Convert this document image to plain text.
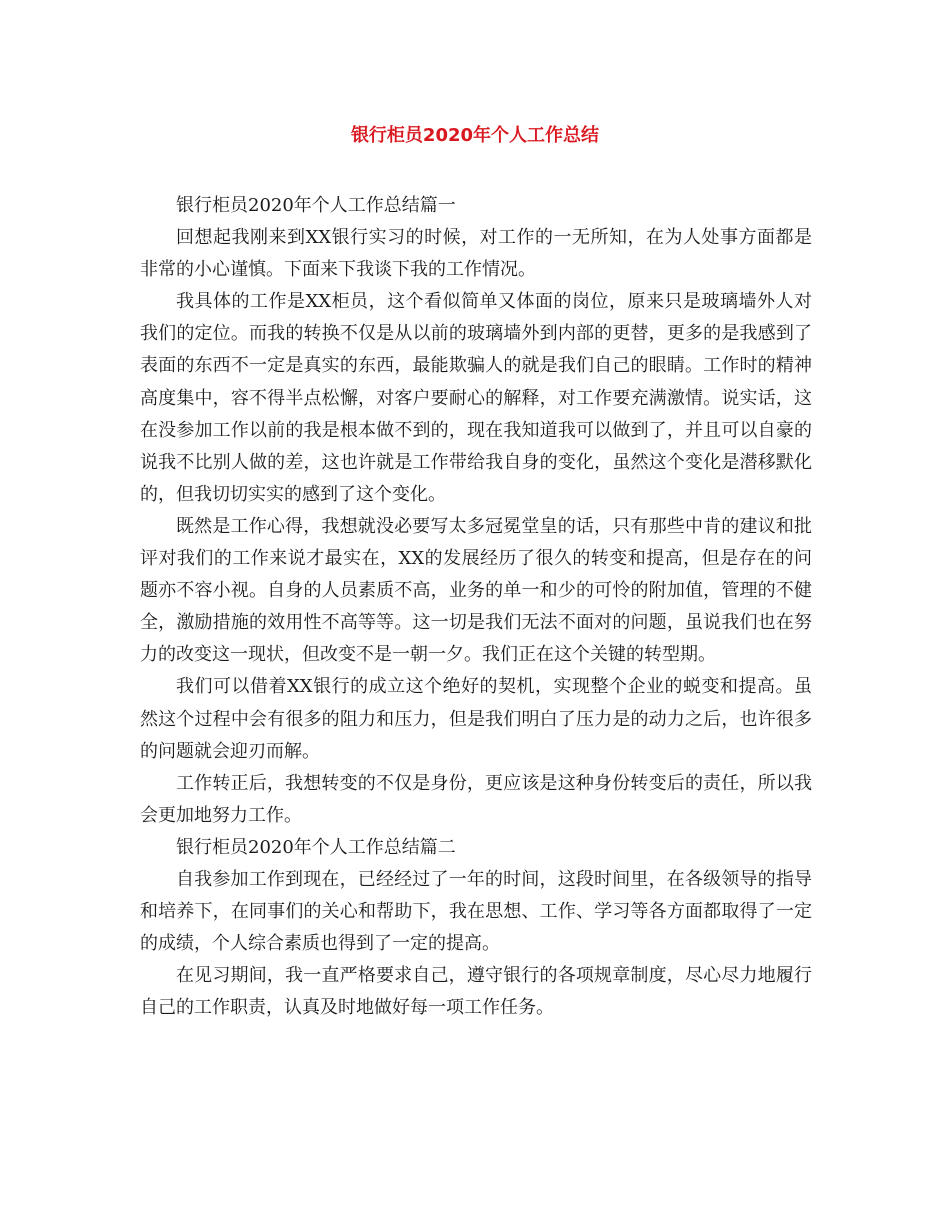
银行柜员2020年个人工作总结

银行柜员2020年个人工作总结篇一

回想起我刚来到XX银行实习的时候，对工作的一无所知，在为人处事方面都是非常的小心谨慎。下面来下我谈下我的工作情况。

我具体的工作是XX柜员，这个看似简单又体面的岗位，原来只是玻璃墙外人对我们的定位。而我的转换不仅是从以前的玻璃墙外到内部的更替，更多的是我感到了表面的东西不一定是真实的东西，最能欺骗人的就是我们自己的眼睛。工作时的精神高度集中，容不得半点松懈，对客户要耐心的解释，对工作要充满激情。说实话，这在没参加工作以前的我是根本做不到的，现在我知道我可以做到了，并且可以自豪的说我不比别人做的差，这也许就是工作带给我自身的变化，虽然这个变化是潜移默化的，但我切切实实的感到了这个变化。

既然是工作心得，我想就没必要写太多冠冕堂皇的话，只有那些中肯的建议和批评对我们的工作来说才最实在，XX的发展经历了很久的转变和提高，但是存在的问题亦不容小视。自身的人员素质不高，业务的单一和少的可怜的附加值，管理的不健全，激励措施的效用性不高等等。这一切是我们无法不面对的问题，虽说我们也在努力的改变这一现状，但改变不是一朝一夕。我们正在这个关键的转型期。

我们可以借着XX银行的成立这个绝好的契机，实现整个企业的蜕变和提高。虽然这个过程中会有很多的阻力和压力，但是我们明白了压力是的动力之后，也许很多的问题就会迎刃而解。

工作转正后，我想转变的不仅是身份，更应该是这种身份转变后的责任，所以我会更加地努力工作。

银行柜员2020年个人工作总结篇二

自我参加工作到现在，已经经过了一年的时间，这段时间里，在各级领导的指导和培养下，在同事们的关心和帮助下，我在思想、工作、学习等各方面都取得了一定的成绩，个人综合素质也得到了一定的提高。

在见习期间，我一直严格要求自己，遵守银行的各项规章制度，尽心尽力地履行自己的工作职责，认真及时地做好每一项工作任务。
